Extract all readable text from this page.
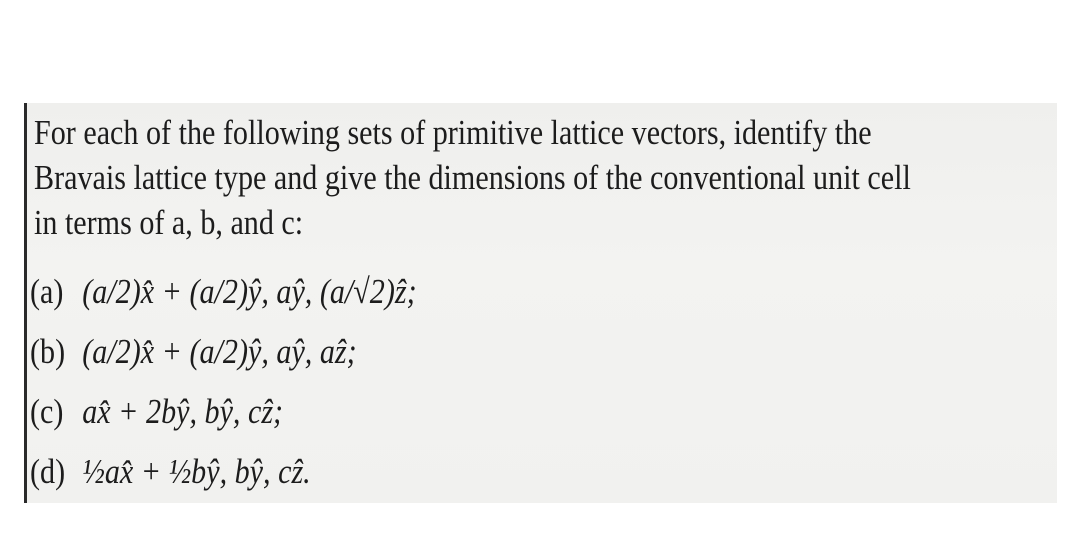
For each of the following sets of primitive lattice vectors, identify the
Bravais lattice type and give the dimensions of the conventional unit cell
in terms of a, b, and c:
(a) (a/2)x̂ + (a/2)ŷ, aŷ, (a/√2)ẑ;
(b) (a/2)x̂ + (a/2)ŷ, aŷ, aẑ;
(c) ax̂ + 2bŷ, bŷ, cẑ;
(d) ½ax̂ + ½bŷ, bŷ, cẑ.
